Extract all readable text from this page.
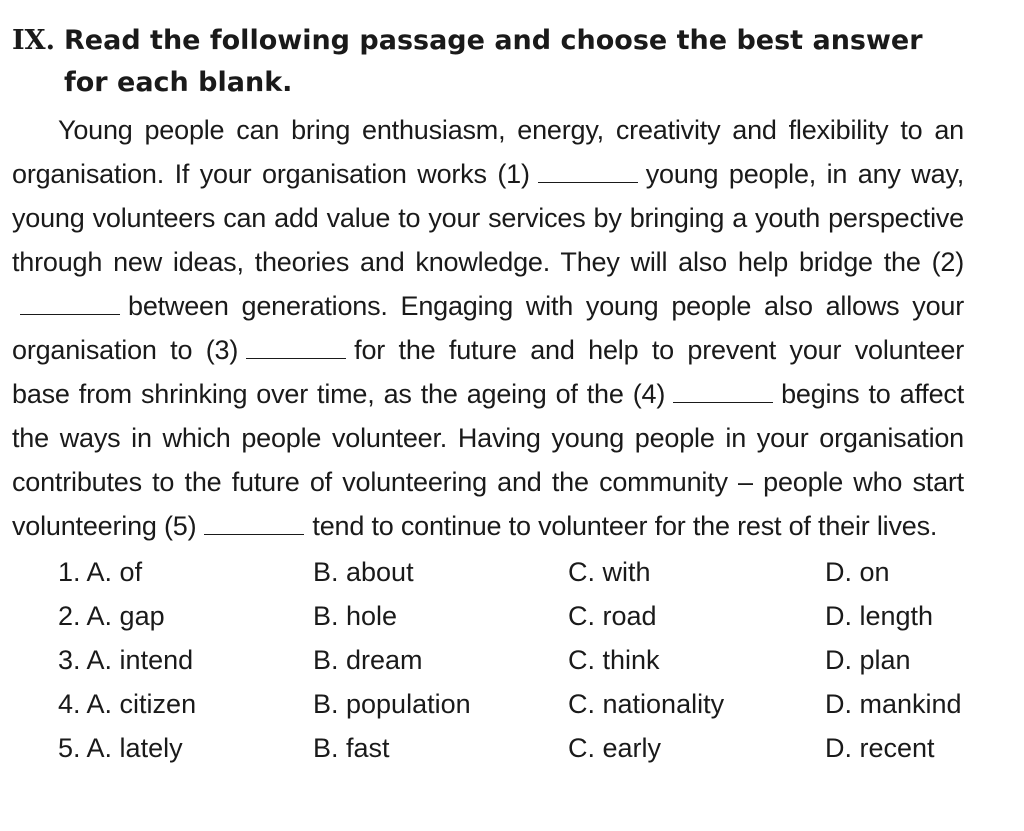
IX. Read the following passage and choose the best answer for each blank.

Young people can bring enthusiasm, energy, creativity and flexibility to an organisation. If your organisation works (1)	young people, in any way, young volunteers can add value to your services by bringing a youth perspective through new ideas, theories and knowledge. They will also help bridge the (2)between generations. Engaging with young people also allows your organisation to (3)	for the future and help to prevent your volunteer base from shrinking over time, as the ageing of the (4)	begins to affect the ways in which people volunteer. Having young people in your organisation contributes to the future of volunteering and the community – people who start volunteering (5)	tend to continue to volunteer for the rest of their lives.

1. A. of	B. about	C. with	D. on
2. A. gap	B. hole	C. road	D. length
3. A. intend	B. dream	C. think	D. plan
4. A. citizen	B. population	C. nationality	D. mankind
5. A. lately	B. fast	C. early	D. recent
